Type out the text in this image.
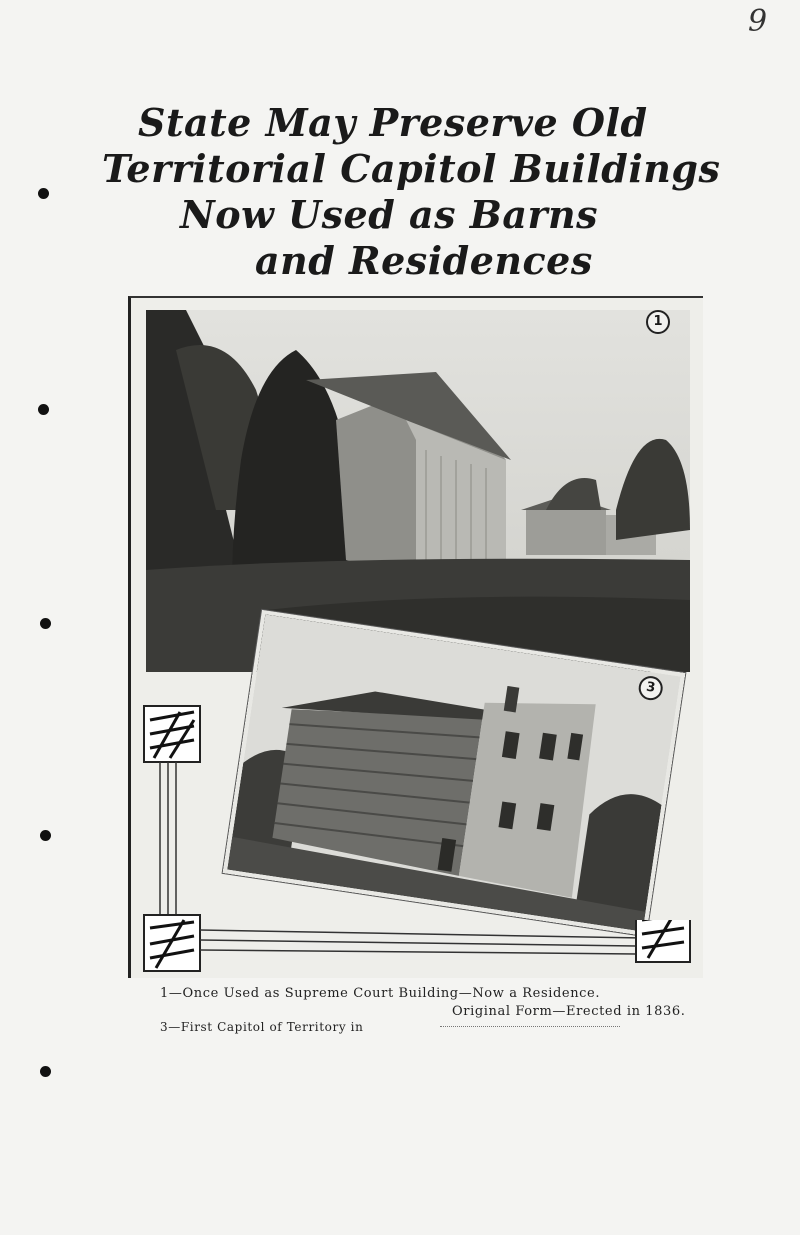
9
State May Preserve Old
Territorial Capitol Buildings
Now Used as Barns
and Residences
1
3
1—Once Used as Supreme Court Building—Now a Residence.
Original Form—Erected in 1836.
3—First Capitol of Territory in
